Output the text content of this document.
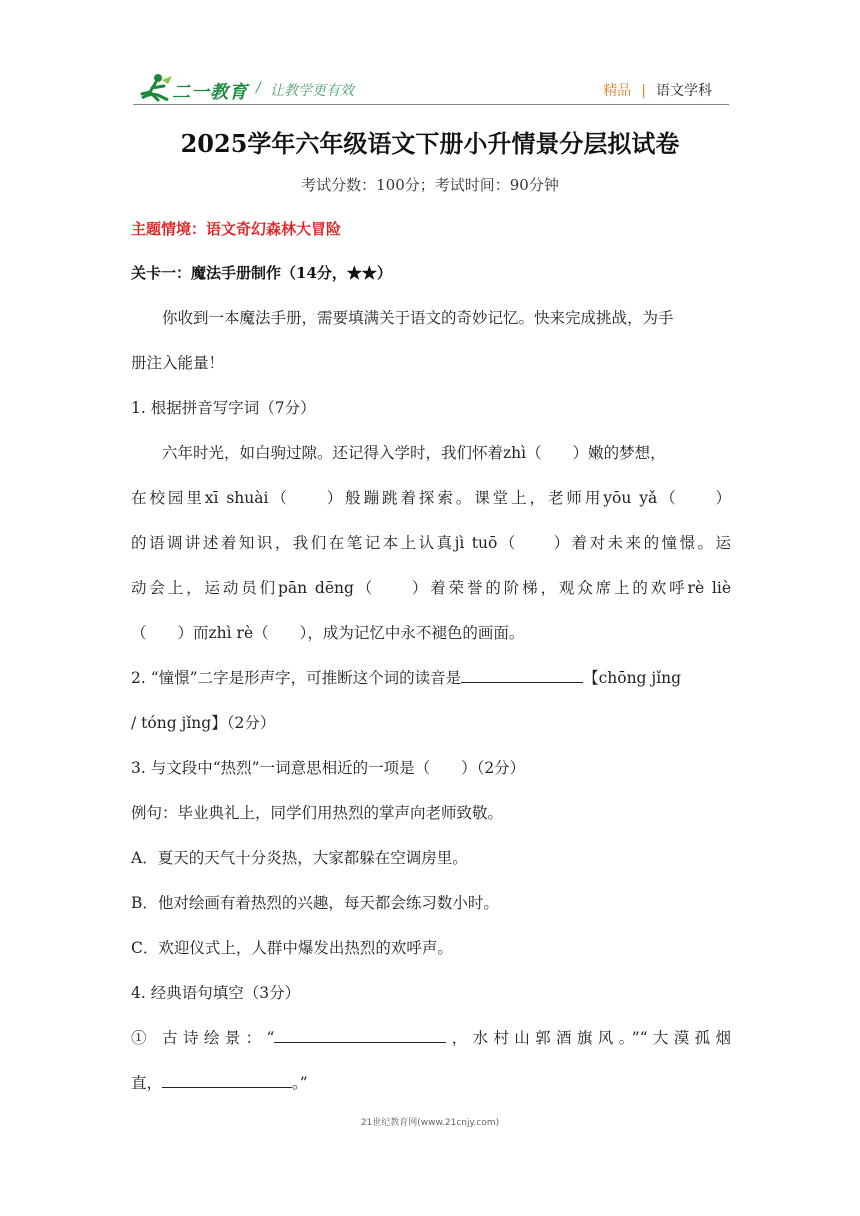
二一教育 / 让教学更有效	精品 | 语文学科
2025学年六年级语文下册小升情景分层拟试卷
考试分数：100分；考试时间：90分钟
主题情境：语文奇幻森林大冒险
关卡一：魔法手册制作（14分，★★）
你收到一本魔法手册，需要填满关于语文的奇妙记忆。快来完成挑战，为手
册注入能量！
1. 根据拼音写字词（7分）
六年时光，如白驹过隙。还记得入学时，我们怀着zhì（　　）嫩的梦想，
在校园里xī shuài（　　）般蹦跳着探索。课堂上，老师用yōu yǎ（　　）
的语调讲述着知识，我们在笔记本上认真jì tuō（　　）着对未来的憧憬。运
动会上，运动员们pān dēng（　　）着荣誉的阶梯，观众席上的欢呼rè liè
（　　）而zhì rè（　　），成为记忆中永不褪色的画面。
2. “憧憬”二字是形声字，可推断这个词的读音是	【chōng jǐng
/ tóng jǐng】（2分）
3. 与文段中“热烈”一词意思相近的一项是（　　）（2分）
例句：毕业典礼上，同学们用热烈的掌声向老师致敬。
A．夏天的天气十分炎热，大家都躲在空调房里。
B．他对绘画有着热烈的兴趣，每天都会练习数小时。
C．欢迎仪式上，人群中爆发出热烈的欢呼声。
4. 经典语句填空（3分）
① 古诗绘景：“	，水村山郭酒旗风。”“大漠孤烟
直，	。”
21世纪教育网(www.21cnjy.com)
